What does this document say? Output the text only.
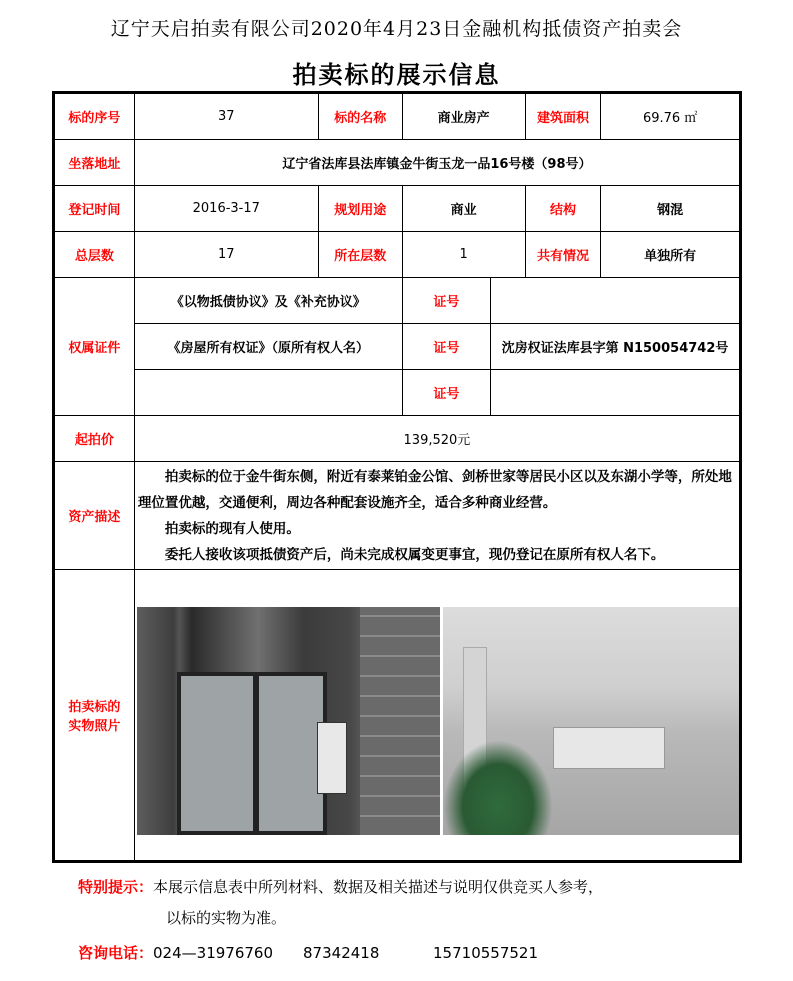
辽宁天启拍卖有限公司2020年4月23日金融机构抵债资产拍卖会
拍卖标的展示信息
标的序号	37	标的名称	商业房产		建筑面积	69.76 ㎡
坐落地址	辽宁省法库县法库镇金牛街玉龙一品16号楼（98号）					
登记时间	2016-3-17	规划用途	商业		结构	钢混
总层数	17	所在层数	1		共有情况	单独所有
权属证件	《以物抵债协议》及《补充协议》		证号			
	《房屋所有权证》（原所有权人名）		证号	沈房权证法库县字第 N150054742号		
			证号			
起拍价	139,520元					
资产描述	拍卖标的位于金牛街东侧，附近有泰莱铂金公馆、剑桥世家等居民小区以及东湖小学等，所处地理位置优越，交通便利，周边各种配套设施齐全，适合多种商业经营。

拍卖标的现有人使用。

委托人接收该项抵债资产后，尚未完成权属变更事宜，现仍登记在原所有权人名下。					

拍卖标的
实物照片						

特别提示：本展示信息表中所列材料、数据及相关描述与说明仅供竞买人参考，
以标的实物为准。
咨询电话：024—31976760 87342418	15710557521
